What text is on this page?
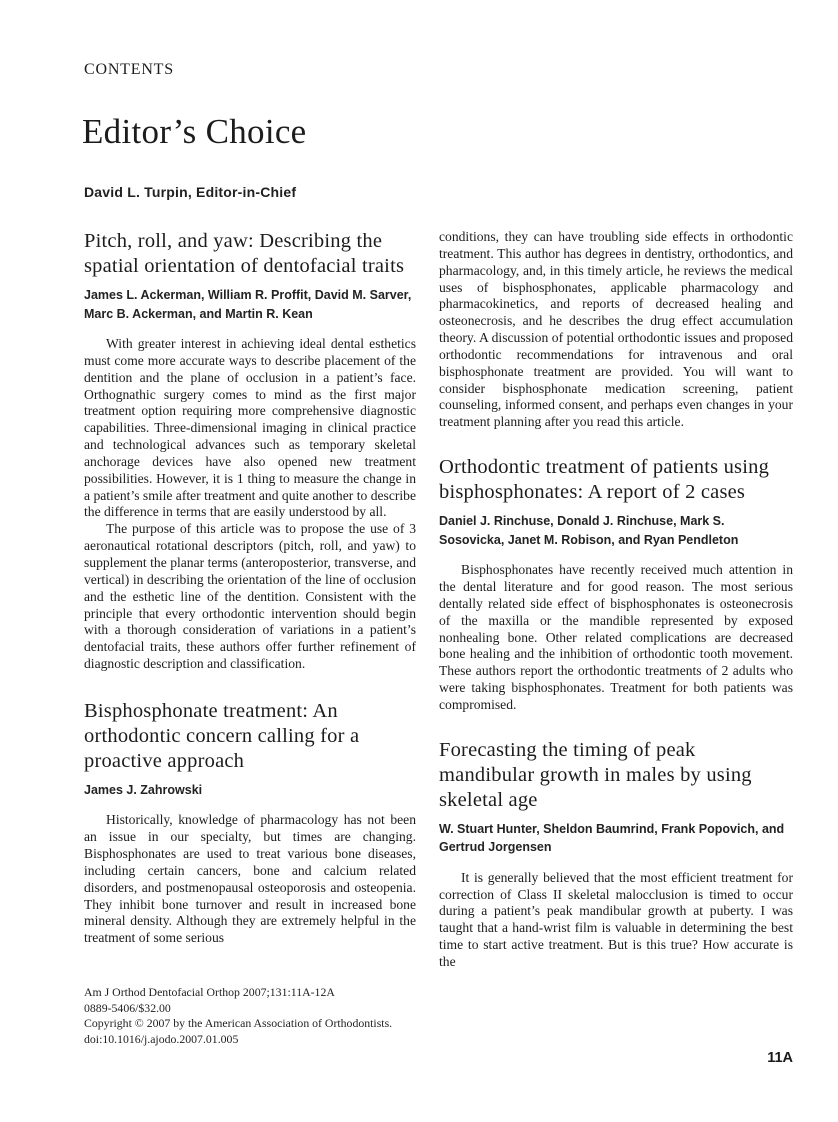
CONTENTS
Editor’s Choice
David L. Turpin, Editor-in-Chief
Pitch, roll, and yaw: Describing the spatial orientation of dentofacial traits
James L. Ackerman, William R. Proffit, David M. Sarver, Marc B. Ackerman, and Martin R. Kean

With greater interest in achieving ideal dental esthetics must come more accurate ways to describe placement of the dentition and the plane of occlusion in a patient’s face. Orthognathic surgery comes to mind as the first major treatment option requiring more comprehensive diagnostic capabilities. Three-dimensional imaging in clinical practice and technological advances such as temporary skeletal anchorage devices have also opened new treatment possibilities. However, it is 1 thing to measure the change in a patient’s smile after treatment and quite another to describe the difference in terms that are easily understood by all.

The purpose of this article was to propose the use of 3 aeronautical rotational descriptors (pitch, roll, and yaw) to supplement the planar terms (anteroposterior, transverse, and vertical) in describing the orientation of the line of occlusion and the esthetic line of the dentition. Consistent with the principle that every orthodontic intervention should begin with a thorough consideration of variations in a patient’s dentofacial traits, these authors offer further refinement of diagnostic description and classification.

Bisphosphonate treatment: An orthodontic concern calling for a proactive approach
James J. Zahrowski

Historically, knowledge of pharmacology has not been an issue in our specialty, but times are changing. Bisphosphonates are used to treat various bone diseases, including certain cancers, bone and calcium related disorders, and postmenopausal osteoporosis and osteopenia. They inhibit bone turnover and result in increased bone mineral density. Although they are extremely helpful in the treatment of some serious

conditions, they can have troubling side effects in orthodontic treatment. This author has degrees in dentistry, orthodontics, and pharmacology, and, in this timely article, he reviews the medical uses of bisphosphonates, applicable pharmacology and pharmacokinetics, and reports of decreased healing and osteonecrosis, and he describes the drug effect accumulation theory. A discussion of potential orthodontic issues and proposed orthodontic recommendations for intravenous and oral bisphosphonate treatment are provided. You will want to consider bisphosphonate medication screening, patient counseling, informed consent, and perhaps even changes in your treatment planning after you read this article.

Orthodontic treatment of patients using bisphosphonates: A report of 2 cases
Daniel J. Rinchuse, Donald J. Rinchuse, Mark S. Sosovicka, Janet M. Robison, and Ryan Pendleton

Bisphosphonates have recently received much attention in the dental literature and for good reason. The most serious dentally related side effect of bisphosphonates is osteonecrosis of the maxilla or the mandible represented by exposed nonhealing bone. Other related complications are decreased bone healing and the inhibition of orthodontic tooth movement. These authors report the orthodontic treatments of 2 adults who were taking bisphosphonates. Treatment for both patients was compromised.

Forecasting the timing of peak mandibular growth in males by using skeletal age
W. Stuart Hunter, Sheldon Baumrind, Frank Popovich, and Gertrud Jorgensen

It is generally believed that the most efficient treatment for correction of Class II skeletal malocclusion is timed to occur during a patient’s peak mandibular growth at puberty. I was taught that a hand-wrist film is valuable in determining the best time to start active treatment. But is this true? How accurate is the

Am J Orthod Dentofacial Orthop 2007;131:11A-12A
0889-5406/$32.00
Copyright © 2007 by the American Association of Orthodontists.
doi:10.1016/j.ajodo.2007.01.005
11A
